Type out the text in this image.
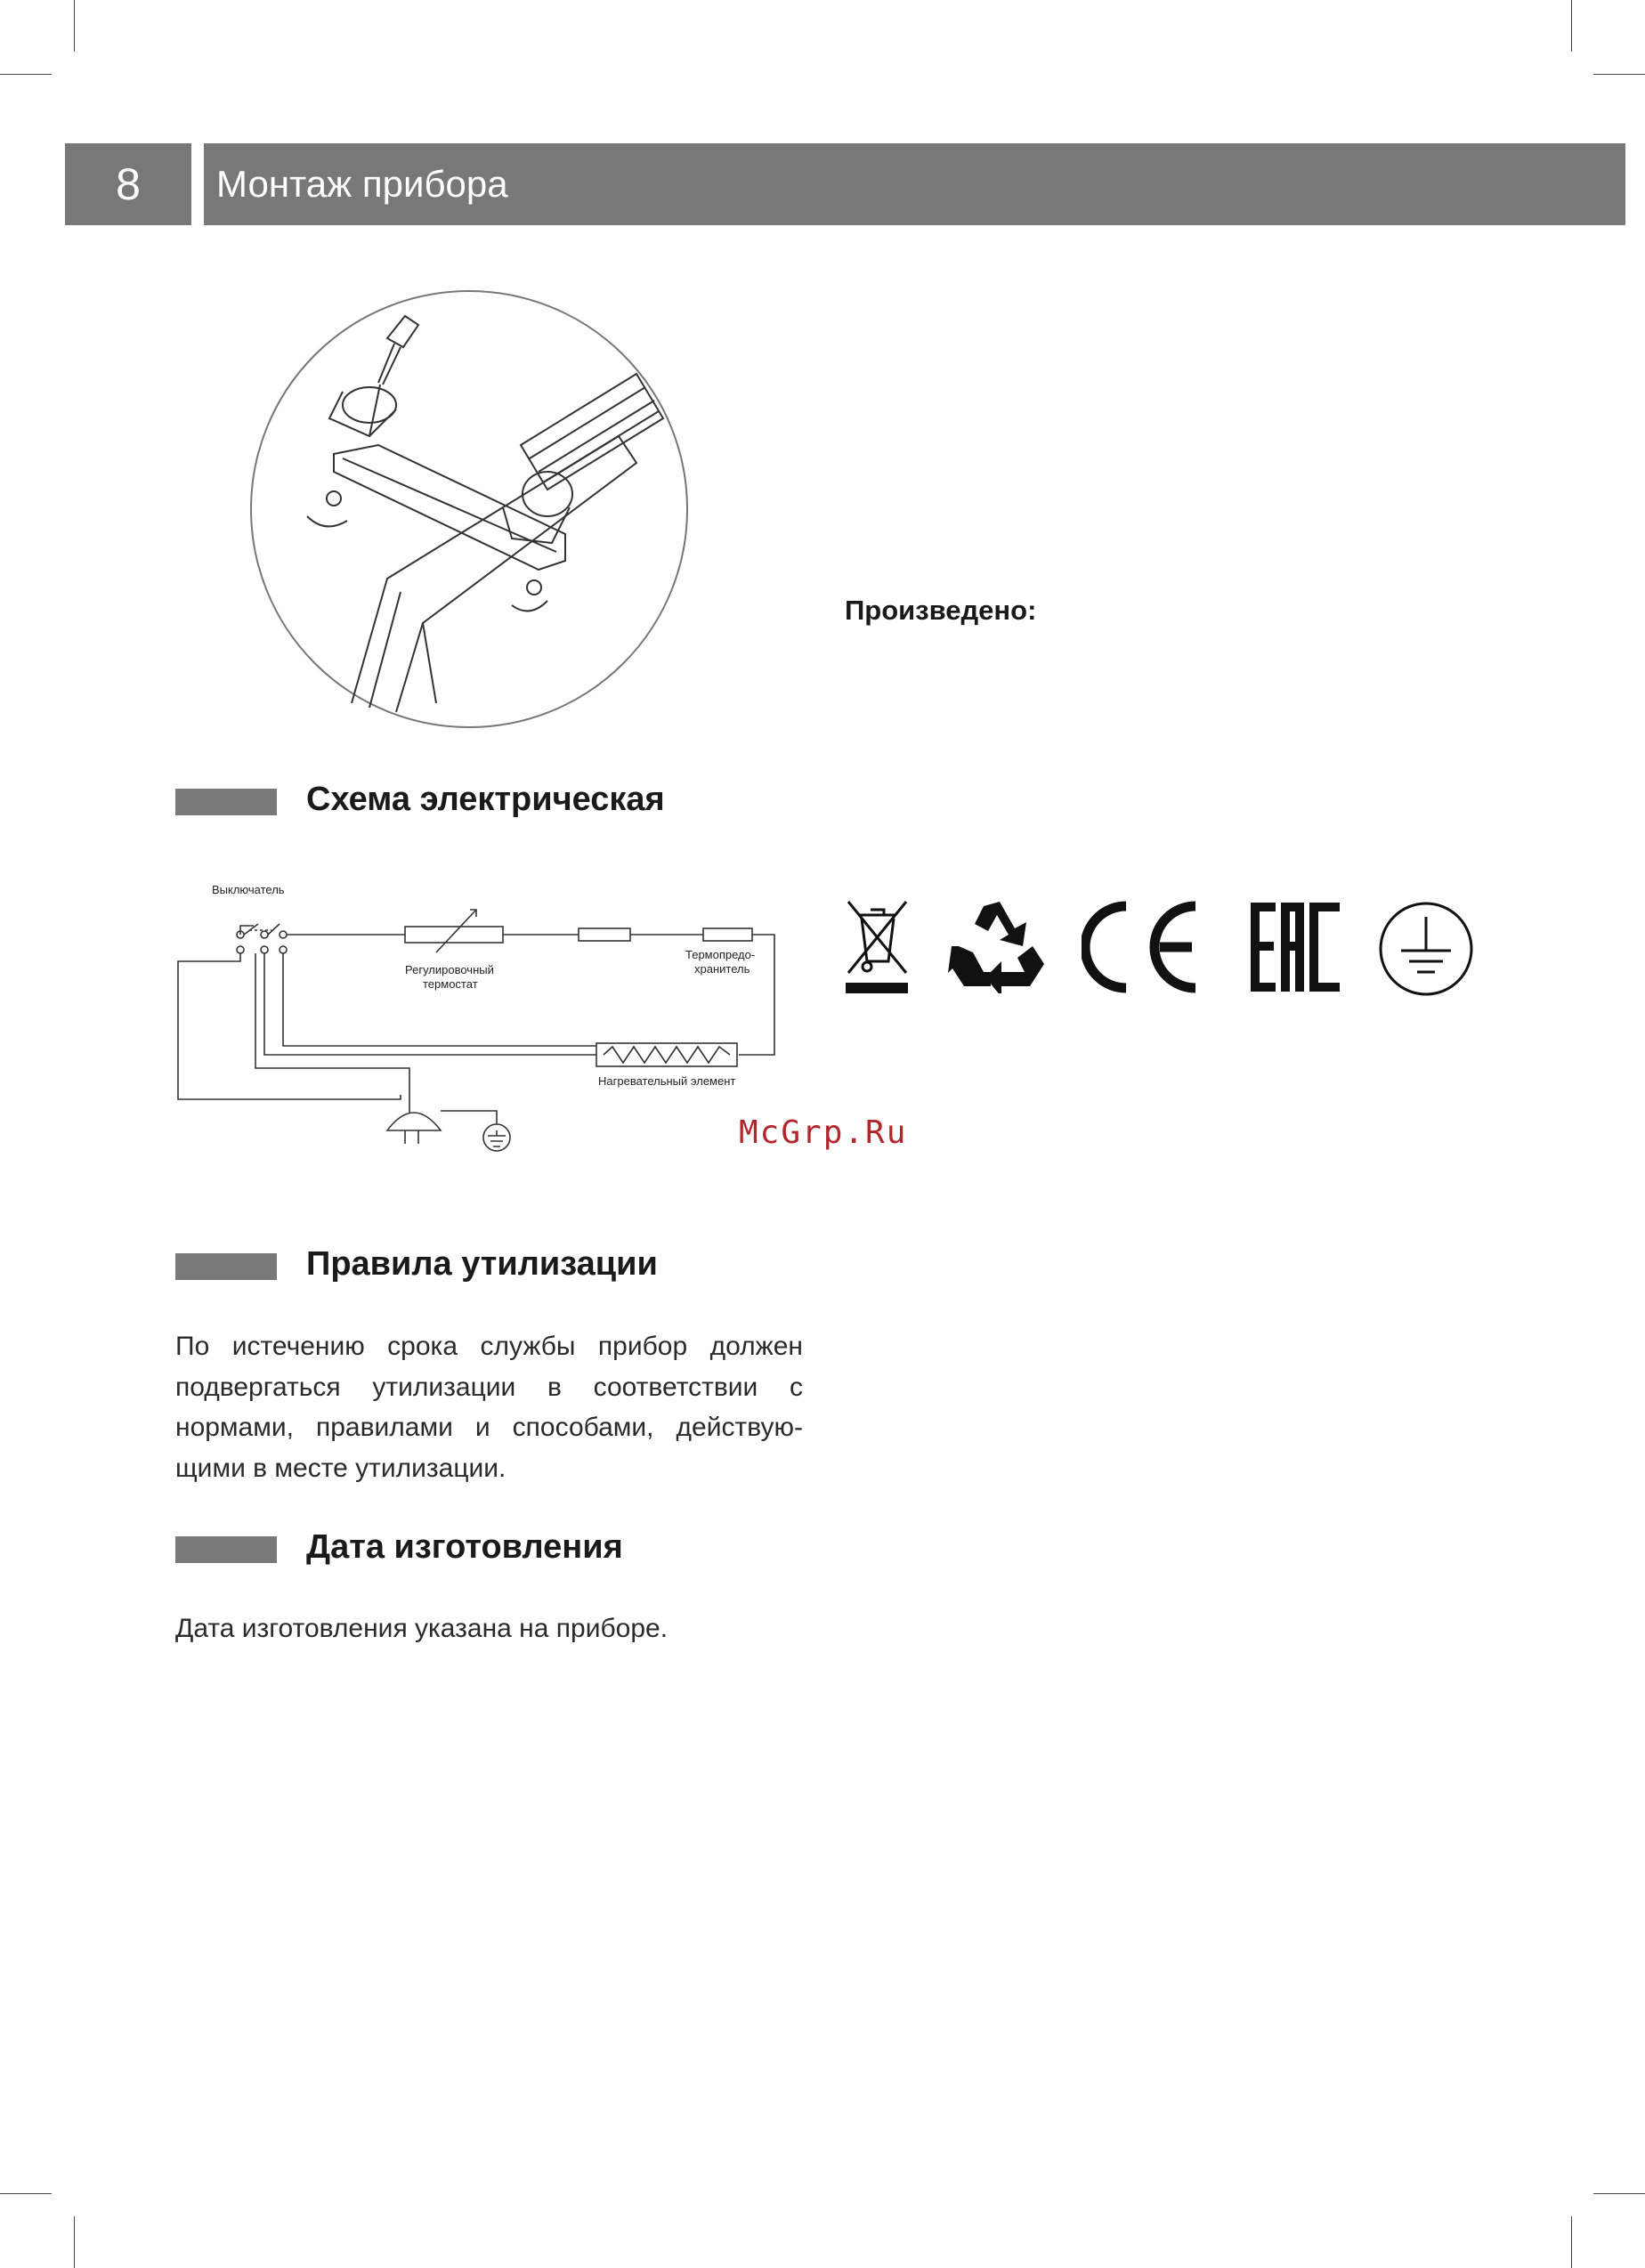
8	Монтаж прибора
Произведено:
Схема электрическая
Выключатель
Регулировочный
термостат
Термопредо-
хранитель
Нагревательный элемент
McGrp.Ru
Правила утилизации
По истечению срока службы прибор должен подвергаться утилизации в соответствии с нормами, правилами и способами, действую-щими в месте утилизации.
Дата изготовления
Дата изготовления указана на приборе.
